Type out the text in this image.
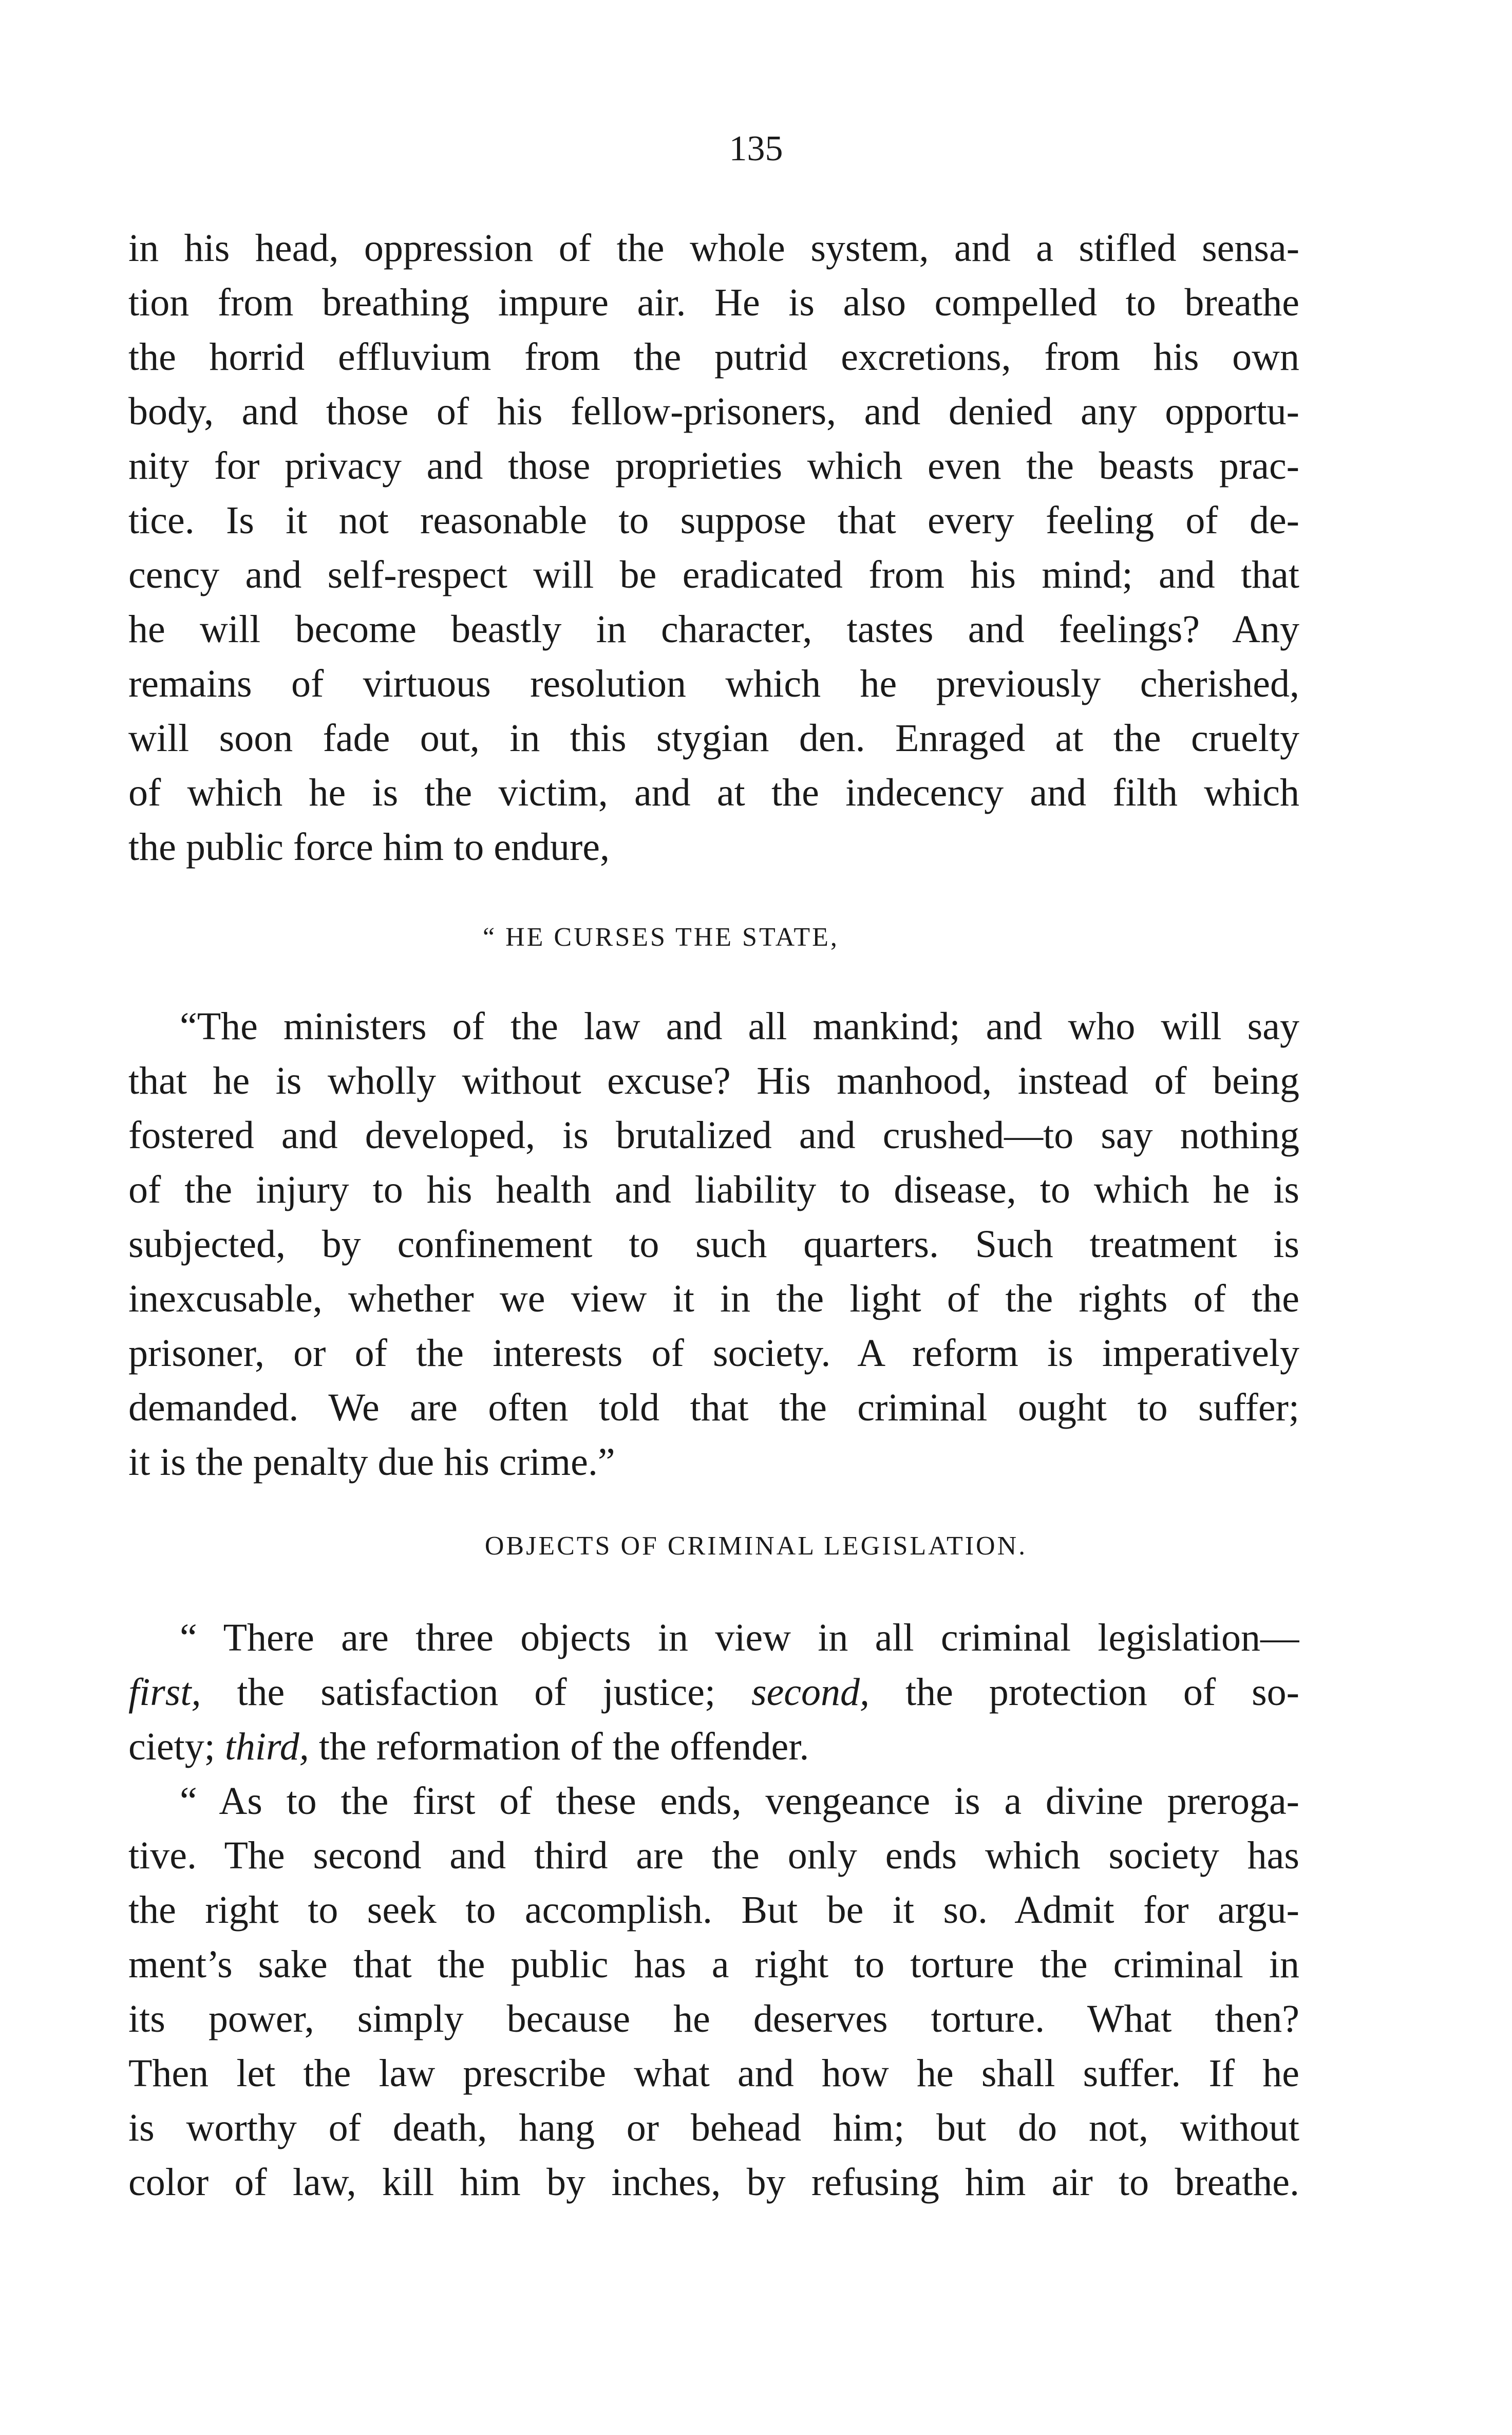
135
in his head, oppression of the whole system, and a stifled sensa-
tion from breathing impure air. He is also compelled to breathe
the horrid effluvium from the putrid excretions, from his own
body, and those of his fellow-prisoners, and denied any opportu-
nity for privacy and those proprieties which even the beasts prac-
tice. Is it not reasonable to suppose that every feeling of de-
cency and self-respect will be eradicated from his mind; and that
he will become beastly in character, tastes and feelings? Any
remains of virtuous resolution which he previously cherished,
will soon fade out, in this stygian den. Enraged at the cruelty
of which he is the victim, and at the indecency and filth which
the public force him to endure,
“ HE CURSES THE STATE,
“The ministers of the law and all mankind; and who will say
that he is wholly without excuse? His manhood, instead of being
fostered and developed, is brutalized and crushed—to say nothing
of the injury to his health and liability to disease, to which he is
subjected, by confinement to such quarters. Such treatment is
inexcusable, whether we view it in the light of the rights of the
prisoner, or of the interests of society. A reform is imperatively
demanded. We are often told that the criminal ought to suffer;
it is the penalty due his crime.”
OBJECTS OF CRIMINAL LEGISLATION.
“ There are three objects in view in all criminal legislation—
first, the satisfaction of justice; second, the protection of so-
ciety; third, the reformation of the offender.
“ As to the first of these ends, vengeance is a divine preroga-
tive. The second and third are the only ends which society has
the right to seek to accomplish. But be it so. Admit for argu-
ment’s sake that the public has a right to torture the criminal in
its power, simply because he deserves torture. What then?
Then let the law prescribe what and how he shall suffer. If he
is worthy of death, hang or behead him; but do not, without
color of law, kill him by inches, by refusing him air to breathe.
